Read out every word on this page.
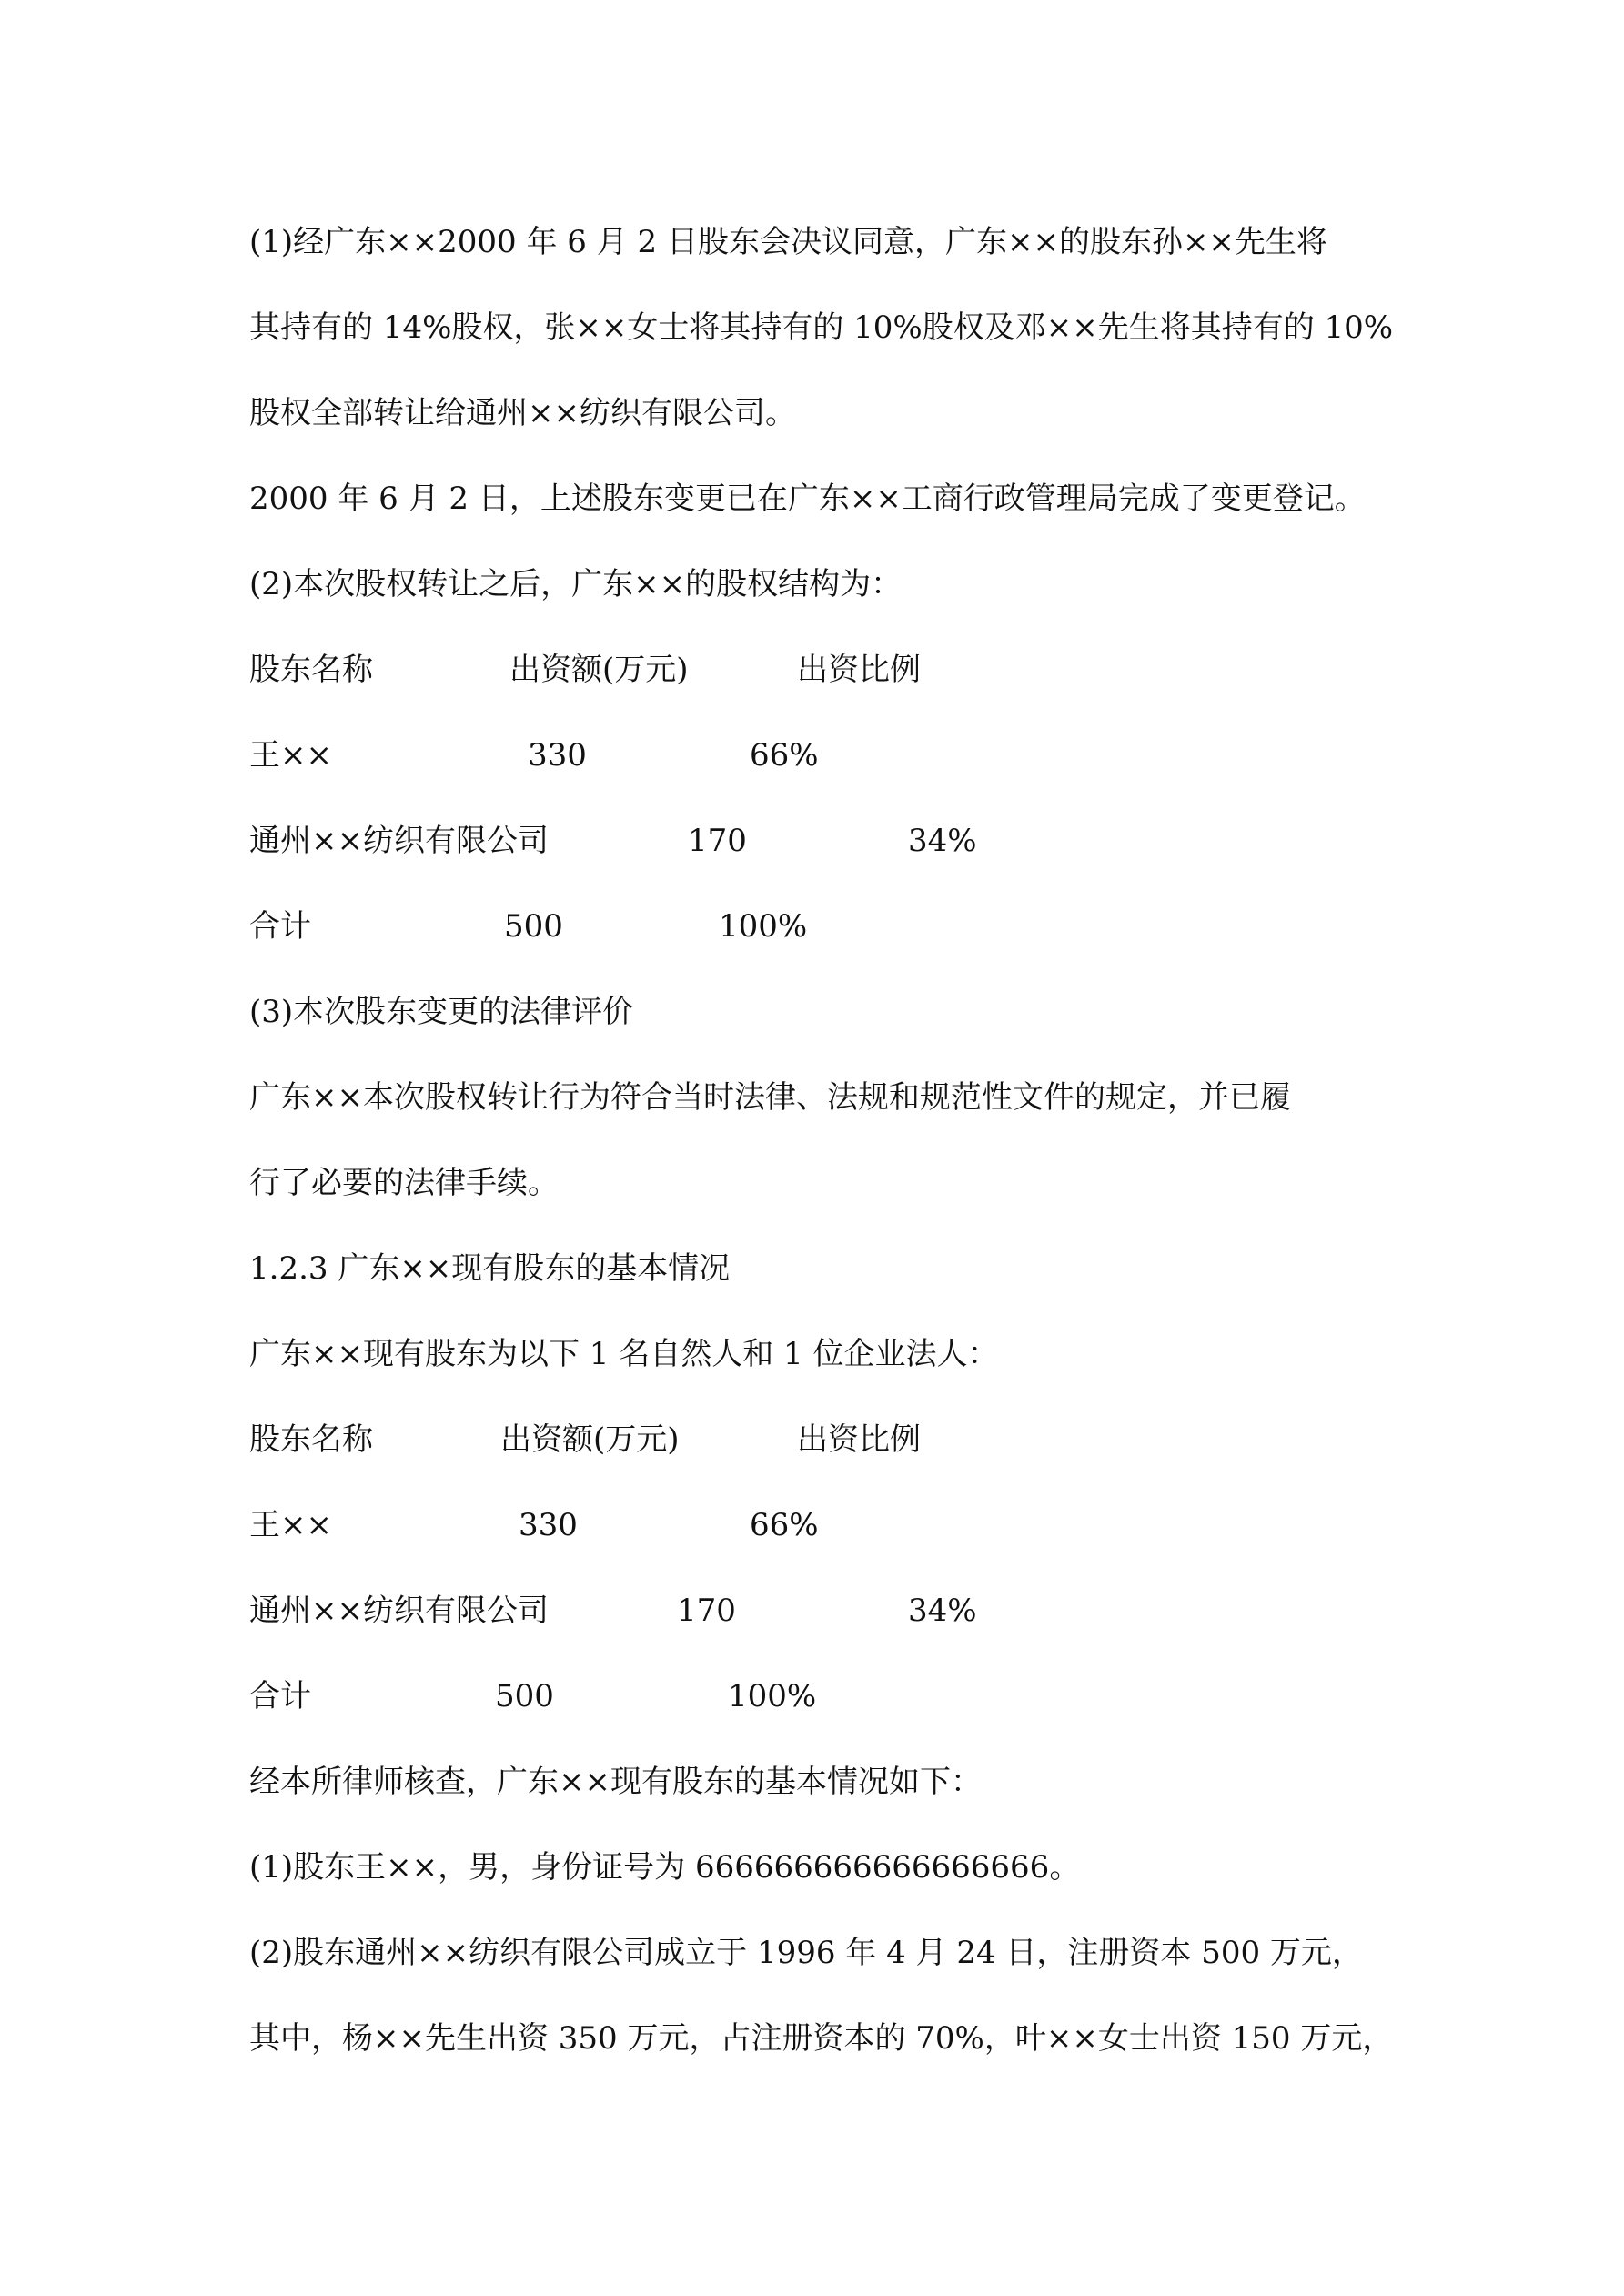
(1)经广东××2000 年 6 月 2 日股东会决议同意，广东××的股东孙××先生将
其持有的 14%股权，张××女士将其持有的 10%股权及邓××先生将其持有的 10%
股权全部转让给通州××纺织有限公司。
2000 年 6 月 2 日，上述股东变更已在广东××工商行政管理局完成了变更登记。
(2)本次股权转让之后，广东××的股权结构为：
股东名称	出资额(万元)	出资比例
王××	330	66%
通州××纺织有限公司	170	34%
合计	500	100%
(3)本次股东变更的法律评价
广东××本次股权转让行为符合当时法律、法规和规范性文件的规定，并已履
行了必要的法律手续。
1.2.3 广东××现有股东的基本情况
广东××现有股东为以下 1 名自然人和 1 位企业法人：
股东名称	出资额(万元)	出资比例
王××	330	66%
通州××纺织有限公司	170	34%
合计	500	100%
经本所律师核查，广东××现有股东的基本情况如下：
(1)股东王××，男，身份证号为 666666666666666666。
(2)股东通州××纺织有限公司成立于 1996 年 4 月 24 日，注册资本 500 万元，
其中，杨××先生出资 350 万元，占注册资本的 70%，叶××女士出资 150 万元，
